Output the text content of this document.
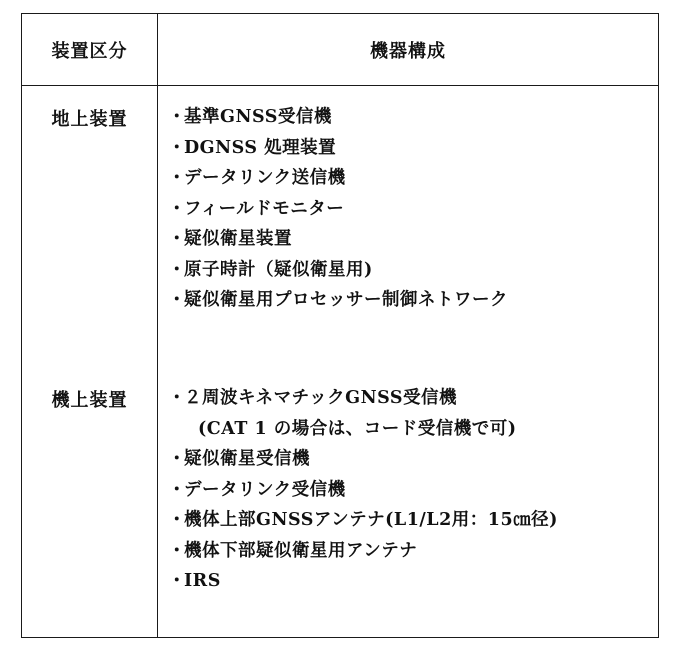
装置区分	機器構成
地上装置	・基準GNSS受信機
・DGNSS 処理装置
・データリンク送信機
・フィールドモニター
・疑似衛星装置
・原子時計（疑似衛星用)
・疑似衛星用プロセッサー制御ネトワーク
機上装置	・２周波キネマチックGNSS受信機
(CAT 1 の場合は、コード受信機で可)
・疑似衛星受信機
・データリンク受信機
・機体上部GNSSアンテナ(L1/L2用：15㎝径)
・機体下部疑似衛星用アンテナ
・IRS
